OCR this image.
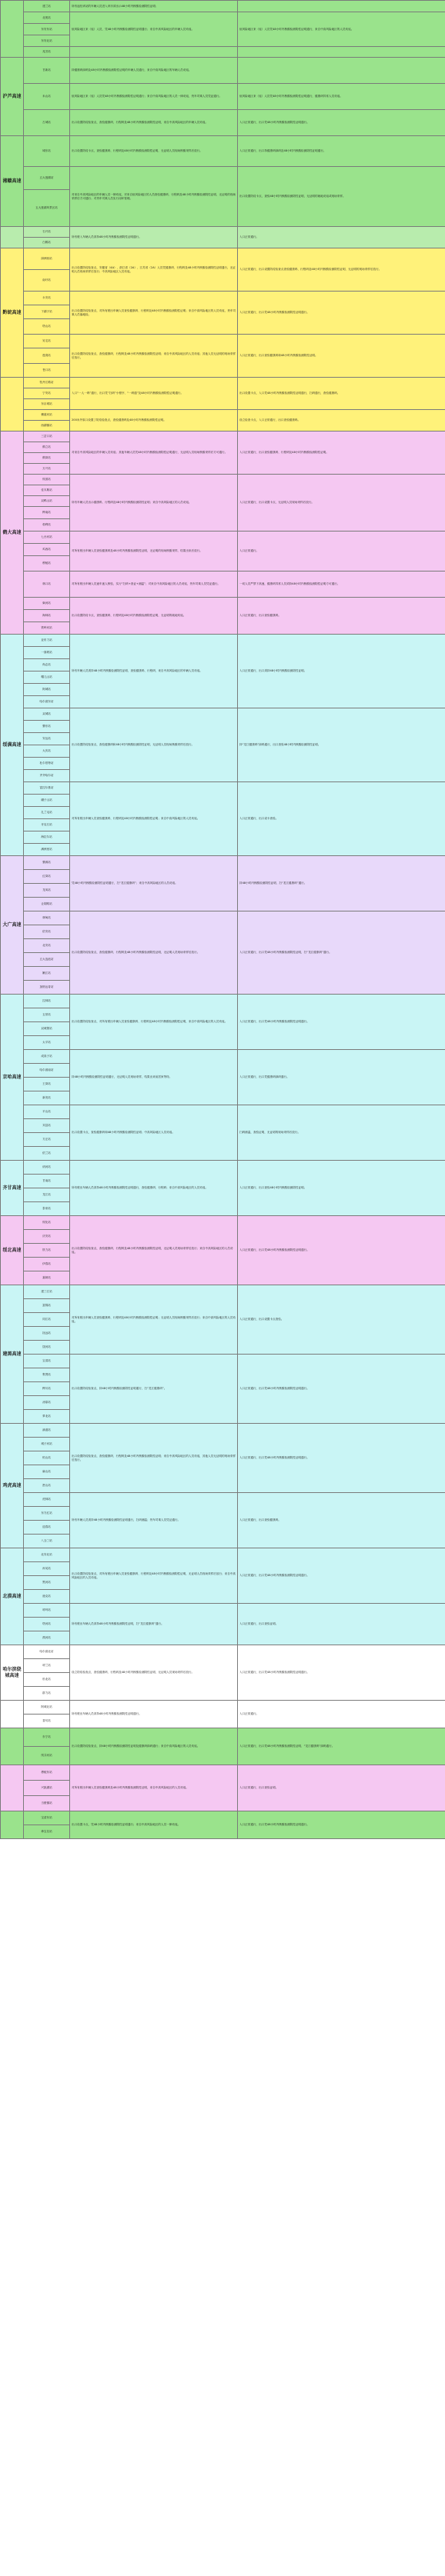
	建兰站	所有途经该站的车辆人员进入该市须出示48小时内核酸检测阴性证明；	
	北苑站	低风险地区来（返）人员，凭48小时内核酸检测阴性证明通行；来自中高风险地区的车辆人员劝返。	低风险地区来（返）人员凭48小时内核酸检测阴性证明通行，来自中高风险地区的人员劝返。
	东安东站		
	东安北站		
	兆芳站		
沪芦高速	甘新站	持健康码绿码及48小时内核酸检测阴性证明的车辆人员通行，来自中高风险地区的车辆人员劝返。	
	米山站	低风险地区来（返）人员凭48小时内核酸检测阴性证明通行；来自中高风险地区的人员一律劝返，货车司乘人员凭证通行。	低风险地区来（返）人员凭48小时内核酸检测阴性证明通行，健康码异常人员劝返。
	古城站	出口设置防疫检查点，查验健康码、行程码及48小时内核酸检测阴性证明，来自中高风险地区的车辆人员劝返。	入口正常通行，出口凭48小时内核酸检测阴性证明通行。
湘赣高速	城东站	出口设置防疫卡点，查验健康码、行程码及48小时内核酸检测阴性证明，无证明人员现场核酸采样后放行。	入口正常通行，出口持健康码绿码及48小时内核酸检测阴性证明通行。
	五大莲湖站	对来自中高风险地区的车辆人员一律劝返，对来自低风险地区的人员查验健康码、行程码及48小时内核酸检测阴性证明，无证明的现场采样后方可通行；对货车司乘人员实行闭环管理。	出口设置防疫卡点，查验48小时内核酸检测阴性证明，无证明的就地劝返或现场采样。
	五大莲湖风景区站		
	石兴站	所有驶入车辆人员须持48小时内核酸检测阴性证明通行。	入口正常通行。
	白鹤站		
黔皖高速	绿洲西站	出口设置防疫检查点，安徽省（4A）、浙江省（2A）、江苏省（2A）人员凭健康码、行程码及48小时内核酸检测阴性证明通行，无证明人员现场采样后放行；中高风险地区人员劝返。	入口正常通行，出口设置防疫检查点查验健康码、行程码及48小时内核酸检测阴性证明，无证明的现场采样后放行。
	南圩站		
	永安站	出口设置防疫检查点，对所有驶出车辆人员查验健康码、行程码及48小时内核酸检测阴性证明；来自中高风险地区的人员劝返，货车司乘人员落地检。	入口正常通行，出口凭48小时内核酸检测阴性证明通行。
	下湖子站		
	塔山站		
	吴宅站	出口设置防疫检查点，查验健康码、行程码及48小时内核酸检测阴性证明；来自中高风险地区的人员劝返；其他人员无证明的现场采样后放行。	入口正常通行，出口查验健康码和48小时内核酸检测阴性证明。
	莲湾站		
	苍口站		
	牧丹江路站	入口“一人一码”通行，出口凭“扫码”小程序、“一码通”及48小时内核酸检测阴性证明通行。	出口设置卡点，入口凭48小时内核酸检测阴性证明通行，扫码通行，查验健康码。
	宁安站		
	东京城站		
	横道河站	200米外原口设置了防疫检查点，查验健康码及48小时内核酸检测阴性证明。	设立检查卡点，入口正常通行，出口查验健康码。
	西湖镇站		
鹤大高速	三岔口站	对来自中高风险地区的车辆人员劝返；其他车辆人员凭48小时内核酸检测阴性证明通行，无证明人员现场核酸采样后方可通行。	入口正常通行，出口查验健康码、行程码及48小时内核酸检测阴性证明。
	鹤立站		
	鹤岗站		
	万兴站		
	绥滨站	所有车辆人员出示健康码、行程码及48小时内核酸检测阴性证明；来自中高风险地区的人员劝返。	入口正常通行，出口设置卡点，无证明人员现场采样后放行。
	佳木斯站		
	双鸭山站		
	桦南站		
	勃利站		
	七台河站	对所有驶出车辆人员查验健康码及48小时内核酸检测阴性证明，无证明的现场核酸采样，结果出来后放行。	入口正常通行。
	鸡西站		
	穆棱站		
	林口站	对所有驶出车辆人员逐车逐人核验，实行“扫码+查证+测温”；对来自中高风险地区的人员劝返，货车司乘人员凭证通行。	一切人员严禁下高速，健康码异常人员须持48小时内核酸检测阴性证明方可通行。
	柴河站	出口设置防疫卡点，查验健康码、行程码及48小时内核酸检测阴性证明，无证明的就地劝返。	入口正常通行，出口查验健康码。
	海林站		
	铁岭河站		
绥满高速	亚布力站	所有车辆人员须持48小时内核酸检测阴性证明，查验健康码、行程码，来自中高风险地区的车辆人员劝返。	入口正常通行，出口须持48小时内核酸检测阴性证明。
	一面坡站		
	尚志站		
	帽儿山站		
	阿城站		
	哈尔滨东站		
	双城站	出口设置防疫检查点，查验健康码和48小时内核酸检测阴性证明，无证明人员现场核酸采样后放行。	持“龙江健康码”绿码通行，出口查验48小时内核酸检测阴性证明。
	肇东站		
	安达站		
	大庆站		
	杜尔伯特站		
	齐齐哈尔站		
	富拉尔基站	对所有驶出车辆人员查验健康码、行程码及48小时内核酸检测阴性证明；来自中高风险地区的人员劝返。	入口正常通行，出口设卡查验。
	碾子山站		
	扎兰屯站		
	牙克石站		
	海拉尔站		
	满洲里站		
大广高速	肇源站	凭48小时内核酸检测阴性证明通行，扫“龙江健康码”；来自中高风险地区的人员劝返。	持48小时内核酸检测阴性证明，扫“龙江健康码”通行。
	红岗站		
	龙凤站		
	让胡路站		
	林甸站	出口设置防疫检查点，查验健康码、行程码及48小时内核酸检测阴性证明，无证明人员现场采样后放行。	入口正常通行，出口凭48小时内核酸检测阴性证明，扫“龙江健康码”通行。
	依安站		
	北安站		
	五大连池站		
	嫩江站		
	加格达奇站		
京哈高速	拉林站	出口设置防疫检查点，对所有驶出车辆人员查验健康码、行程码及48小时内核酸检测阴性证明，来自中高风险地区的人员劝返。	入口正常通行，出口凭48小时内核酸检测阴性证明通行。
	五常站		
	双城堡站		
	太平站		
	成高子站	持48小时内核酸检测阴性证明通行，无证明人员现场采样，结果出来前居家等待。	入口正常通行，出口凭健康码绿码通行。
	哈尔滨南站		
	王岗站		
	新发站		
	平山站	出口设置卡点，查验健康码和48小时内核酸检测阴性证明；中高风险地区人员劝返。	扫码测温，查验证明，无证明的现场采样后放行。
	宾县站		
	方正站		
	依兰站		
齐甘高速	讷河站	所有驶出车辆人员须持48小时内核酸检测阴性证明通行，查验健康码、行程码；来自中高风险地区的人员劝返。	入口正常通行，出口查验48小时内核酸检测阴性证明。
	甘南站		
	龙江站		
	泰来站		
绥北高速	绥化站	出口设置防疫检查点，查验健康码、行程码及48小时内核酸检测阴性证明，无证明人员现场采样后放行；来自中高风险地区的人员劝返。	入口正常通行，出口凭48小时内核酸检测阴性证明通行。
	庆安站		
	铁力站		
	伊春站		
	嘉荫站		
建黑高速	建三江站	对所有驶出车辆人员查验健康码、行程码及48小时内核酸检测阴性证明；无证明人员现场核酸采样后放行；来自中高风险地区的人员劝返。	入口正常通行，出口设置卡点查验。
	富锦站		
	同江站		
	抚远站		
	饶河站		
	宝清站	出口设置防疫检查点，持48小时内核酸检测阴性证明通行，扫“龙江健康码”。	入口正常通行，出口凭48小时内核酸检测阴性证明通行。
	集贤站		
	桦川站		
	汤原站		
	萝北站		
鸡虎高速	滴道站	出口设置防疫检查点，查验健康码、行程码及48小时内核酸检测阴性证明；来自中高风险地区的人员劝返，其他人员无证明的现场采样后放行。	入口正常通行，出口凭48小时内核酸检测阴性证明通行。
	城子河站		
	恒山站		
	麻山站		
	密山站		
	虎林站	所有车辆人员须持48小时内核酸检测阴性证明通行，扫码测温；货车司乘人员凭证通行。	入口正常通行，出口查验健康码。
	东方红站		
	迎春站		
	八五〇站		
北漠高速	北安北站	出口设置防疫检查点，对所有驶出车辆人员查验健康码、行程码及48小时内核酸检测阴性证明，无证明人员现场采样后放行；来自中高风险地区的人员劝返。	入口正常通行，出口凭48小时内核酸检测阴性证明通行。
	孙吴站		
	黑河站		
	逊克站		
	呼玛站	所有驶出车辆人员须持48小时内核酸检测阴性证明，扫“龙江健康码”通行。	入口正常通行，出口查验证明。
	塔河站		
	漠河站		
哈尔滨绕城高速	哈尔滨北站	设立防疫检查点，查验健康码、行程码及48小时内核酸检测阴性证明，无证明人员现场采样后放行。	入口正常通行，出口凭48小时内核酸检测阴性证明通行。
	呼兰站		
	松北站		
	群力站		
	阿城北站	所有驶出车辆人员须持48小时内核酸检测阴性证明通行。	入口正常通行。
	香坊站		
	东宁站	出口设置防疫检查点，持48小时内核酸检测阴性证明及健康码绿码通行；来自中高风险地区的人员劝返。	入口正常通行，出口凭48小时内核酸检测阴性证明、“龙江健康码”绿码通行。
	绥芬河站		
	穆棱东站	对所有驶出车辆人员查验健康码及48小时内核酸检测阴性证明，来自中高风险地区的人员劝返。	入口正常通行，出口查验证明。
	兴凯湖站		
	当壁镇站		
	宝清东站	出口设置卡点，凭48小时内核酸检测阴性证明通行；来自中高风险地区的人员一律劝返。	入口正常通行，出口凭48小时内核酸检测阴性证明通行。
	珍宝岛站		
